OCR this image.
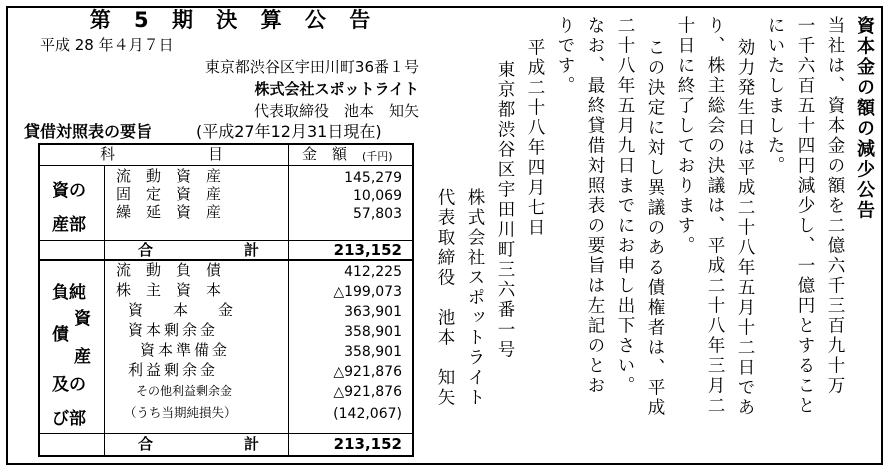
第 5 期 決 算 公 告
平成 28 年４月７日
東京都渋谷区宇田川町36番１号
株式会社スポットライト
代表取締役　池本　知矢
貸借対照表の要旨	(平成27年12月31日現在)
科	目	金　額 (千円)
資の
産部
流　動　資　産	145,279
固　定　資　産	10,069
繰　延　資　産	57,803
合	計	213,152
負純
資
債
産
及の
び部
流　動　負　債	412,225
株　主　資　本	△199,073
資　　本　　金	363,901
資本剰余金	358,901
資本準備金	358,901
利益剰余金	△921,876
その他利益剰余金	△921,876
（うち当期純損失）	(142,067)
合	計	213,152
資本金の額の減少公告
当社は、資本金の額を二億六千三百九十万
一千六百五十四円減少し、一億円とすること
にいたしました。
効力発生日は平成二十八年五月十二日であ
り、株主総会の決議は、平成二十八年三月二
十日に終了しております。
この決定に対し異議のある債権者は、平成
二十八年五月九日までにお申し出下さい。
なお、最終貸借対照表の要旨は左記のとお
りです。
平成二十八年四月七日
東京都渋谷区宇田川町三六番一号
株式会社スポットライト
代表取締役　池本　知矢
